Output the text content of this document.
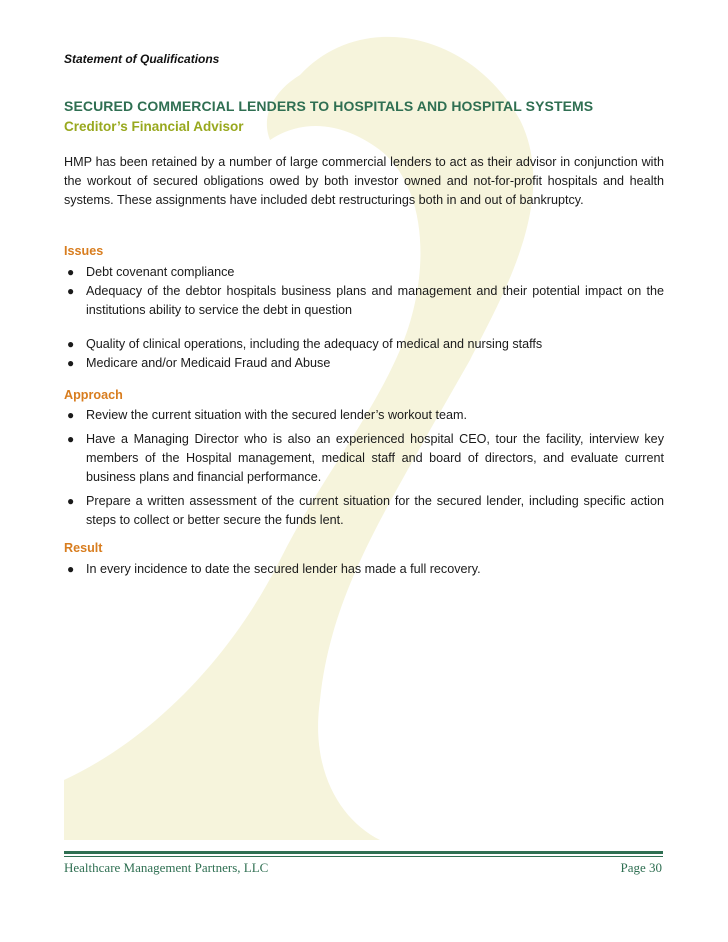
Statement of Qualifications
SECURED COMMERCIAL LENDERS TO HOSPITALS AND HOSPITAL SYSTEMS
Creditor’s Financial Advisor
HMP has been retained by a number of large commercial lenders to act as their advisor in conjunction with the workout of secured obligations owed by both investor owned and not-for-profit hospitals and health systems. These assignments have included debt restructurings both in and out of bankruptcy.
Issues
● Debt covenant compliance
● Adequacy of the debtor hospitals business plans and management and their potential impact on the institutions ability to service the debt in question
● Quality of clinical operations, including the adequacy of medical and nursing staffs
● Medicare and/or Medicaid Fraud and Abuse
Approach
● Review the current situation with the secured lender’s workout team.
● Have a Managing Director who is also an experienced hospital CEO, tour the facility, interview key members of the Hospital management, medical staff and board of directors, and evaluate current business plans and financial performance.
● Prepare a written assessment of the current situation for the secured lender, including specific action steps to collect or better secure the funds lent.
Result
● In every incidence to date the secured lender has made a full recovery.
Healthcare Management Partners, LLC	Page 30
